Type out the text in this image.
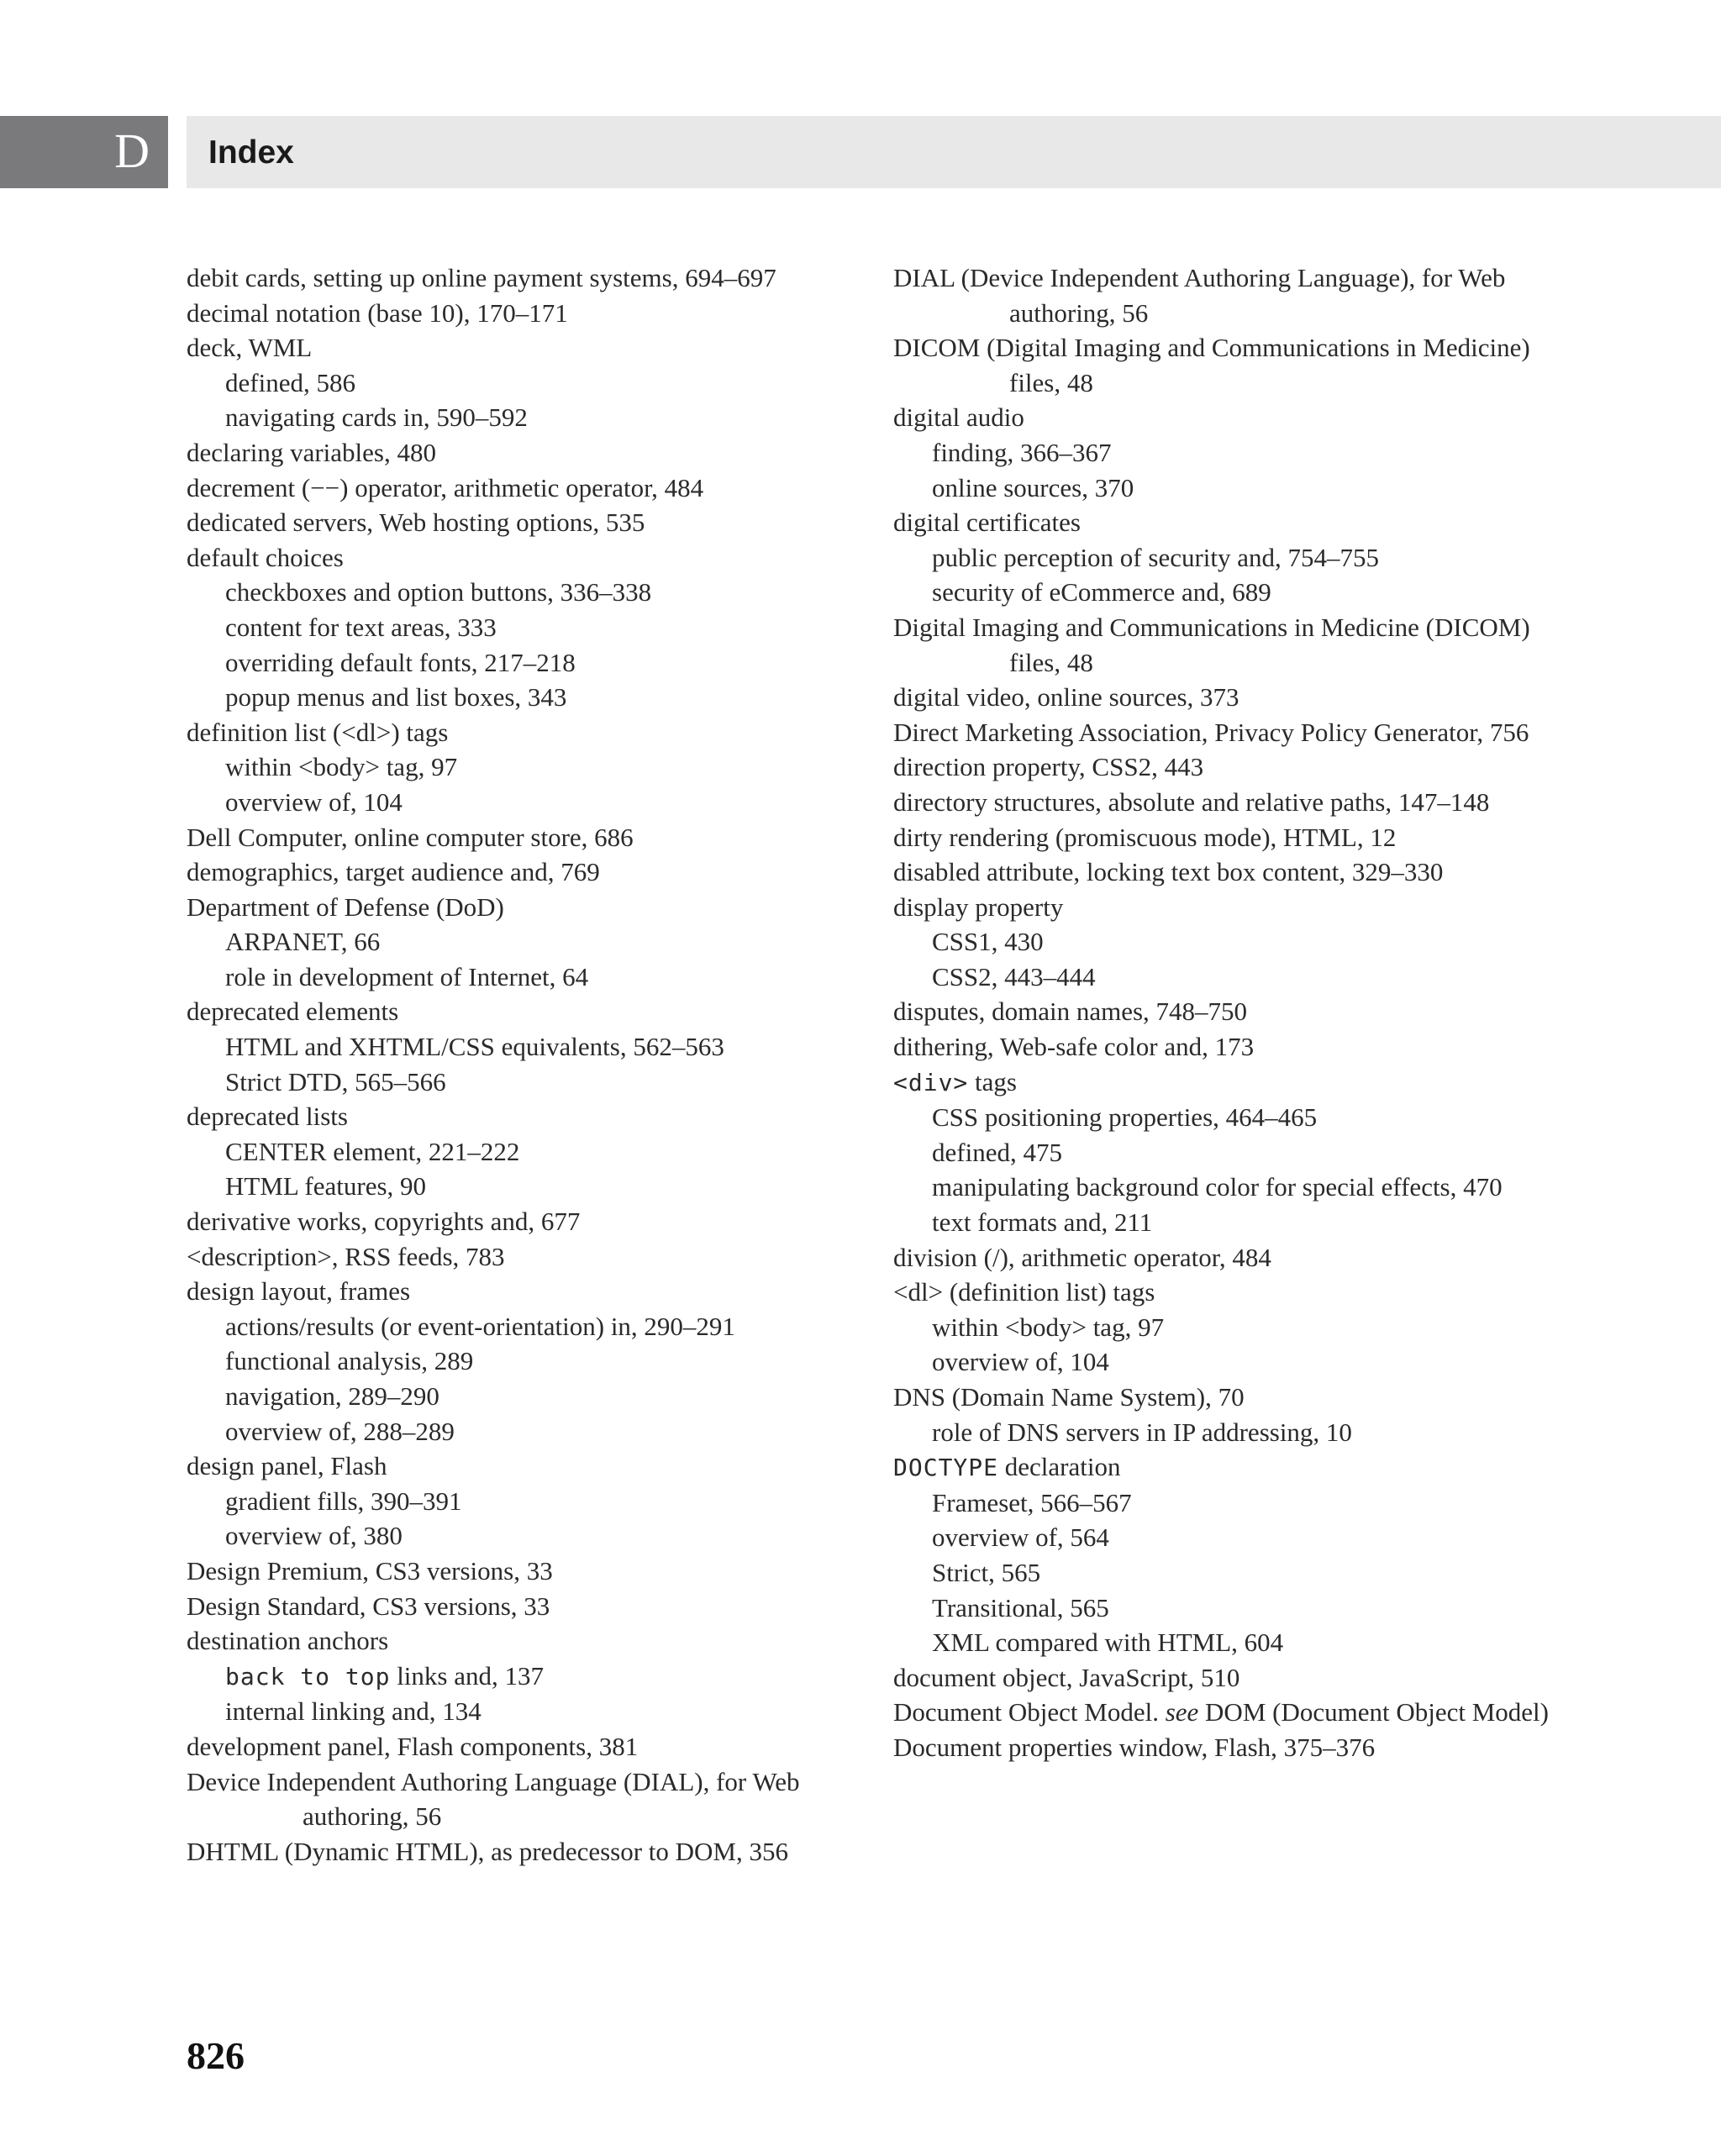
D Index
debit cards, setting up online payment systems, 694–697
decimal notation (base 10), 170–171
deck, WML
defined, 586
navigating cards in, 590–592
declaring variables, 480
decrement (−−) operator, arithmetic operator, 484
dedicated servers, Web hosting options, 535
default choices
checkboxes and option buttons, 336–338
content for text areas, 333
overriding default fonts, 217–218
popup menus and list boxes, 343
definition list (<dl>) tags
within <body> tag, 97
overview of, 104
Dell Computer, online computer store, 686
demographics, target audience and, 769
Department of Defense (DoD)
ARPANET, 66
role in development of Internet, 64
deprecated elements
HTML and XHTML/CSS equivalents, 562–563
Strict DTD, 565–566
deprecated lists
CENTER element, 221–222
HTML features, 90
derivative works, copyrights and, 677
<description>, RSS feeds, 783
design layout, frames
actions/results (or event-orientation) in, 290–291
functional analysis, 289
navigation, 289–290
overview of, 288–289
design panel, Flash
gradient fills, 390–391
overview of, 380
Design Premium, CS3 versions, 33
Design Standard, CS3 versions, 33
destination anchors
back to top links and, 137
internal linking and, 134
development panel, Flash components, 381
Device Independent Authoring Language (DIAL), for Web authoring, 56
DHTML (Dynamic HTML), as predecessor to DOM, 356
DIAL (Device Independent Authoring Language), for Web authoring, 56
DICOM (Digital Imaging and Communications in Medicine) files, 48
digital audio
finding, 366–367
online sources, 370
digital certificates
public perception of security and, 754–755
security of eCommerce and, 689
Digital Imaging and Communications in Medicine (DICOM) files, 48
digital video, online sources, 373
Direct Marketing Association, Privacy Policy Generator, 756
direction property, CSS2, 443
directory structures, absolute and relative paths, 147–148
dirty rendering (promiscuous mode), HTML, 12
disabled attribute, locking text box content, 329–330
display property
CSS1, 430
CSS2, 443–444
disputes, domain names, 748–750
dithering, Web-safe color and, 173
<div> tags
CSS positioning properties, 464–465
defined, 475
manipulating background color for special effects, 470
text formats and, 211
division (/), arithmetic operator, 484
<dl> (definition list) tags
within <body> tag, 97
overview of, 104
DNS (Domain Name System), 70
role of DNS servers in IP addressing, 10
DOCTYPE declaration
Frameset, 566–567
overview of, 564
Strict, 565
Transitional, 565
XML compared with HTML, 604
document object, JavaScript, 510
Document Object Model. see DOM (Document Object Model)
Document properties window, Flash, 375–376
826
